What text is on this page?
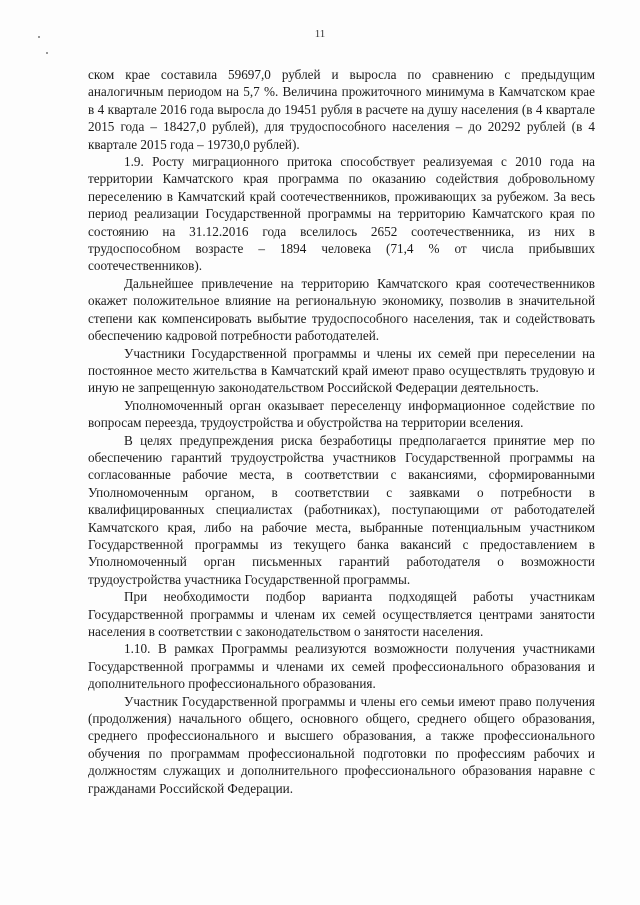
11

ском крае составила 59697,0 рублей и выросла по сравнению с предыдущим аналогичным периодом на 5,7 %. Величина прожиточного минимума в Камчатском крае в 4 квартале 2016 года выросла до 19451 рубля в расчете на душу населения (в 4 квартале 2015 года – 18427,0 рублей), для трудоспособного населения – до 20292 рублей (в 4 квартале 2015 года – 19730,0 рублей).

1.9. Росту миграционного притока способствует реализуемая с 2010 года на территории Камчатского края программа по оказанию содействия добровольному переселению в Камчатский край соотечественников, проживающих за рубежом. За весь период реализации Государственной программы на территорию Камчатского края по состоянию на 31.12.2016 года вселилось 2652 соотечественника, из них в трудоспособном возрасте – 1894 человека (71,4 % от числа прибывших соотечественников).

Дальнейшее привлечение на территорию Камчатского края соотечественников окажет положительное влияние на региональную экономику, позволив в значительной степени как компенсировать выбытие трудоспособного населения, так и содействовать обеспечению кадровой потребности работодателей.

Участники Государственной программы и члены их семей при переселении на постоянное место жительства в Камчатский край имеют право осуществлять трудовую и иную не запрещенную законодательством Российской Федерации деятельность.

Уполномоченный орган оказывает переселенцу информационное содействие по вопросам переезда, трудоустройства и обустройства на территории вселения.

В целях предупреждения риска безработицы предполагается принятие мер по обеспечению гарантий трудоустройства участников Государственной программы на согласованные рабочие места, в соответствии с вакансиями, сформированными Уполномоченным органом, в соответствии с заявками о потребности в квалифицированных специалистах (работниках), поступающими от работодателей Камчатского края, либо на рабочие места, выбранные потенциальным участником Государственной программы из текущего банка вакансий с предоставлением в Уполномоченный орган письменных гарантий работодателя о возможности трудоустройства участника Государственной программы.

При необходимости подбор варианта подходящей работы участникам Государственной программы и членам их семей осуществляется центрами занятости населения в соответствии с законодательством о занятости населения.

1.10. В рамках Программы реализуются возможности получения участниками Государственной программы и членами их семей профессионального образования и дополнительного профессионального образования.

Участник Государственной программы и члены его семьи имеют право получения (продолжения) начального общего, основного общего, среднего общего образования, среднего профессионального и высшего образования, а также профессионального обучения по программам профессиональной подготовки по профессиям рабочих и должностям служащих и дополнительного профессионального образования наравне с гражданами Российской Федерации.
